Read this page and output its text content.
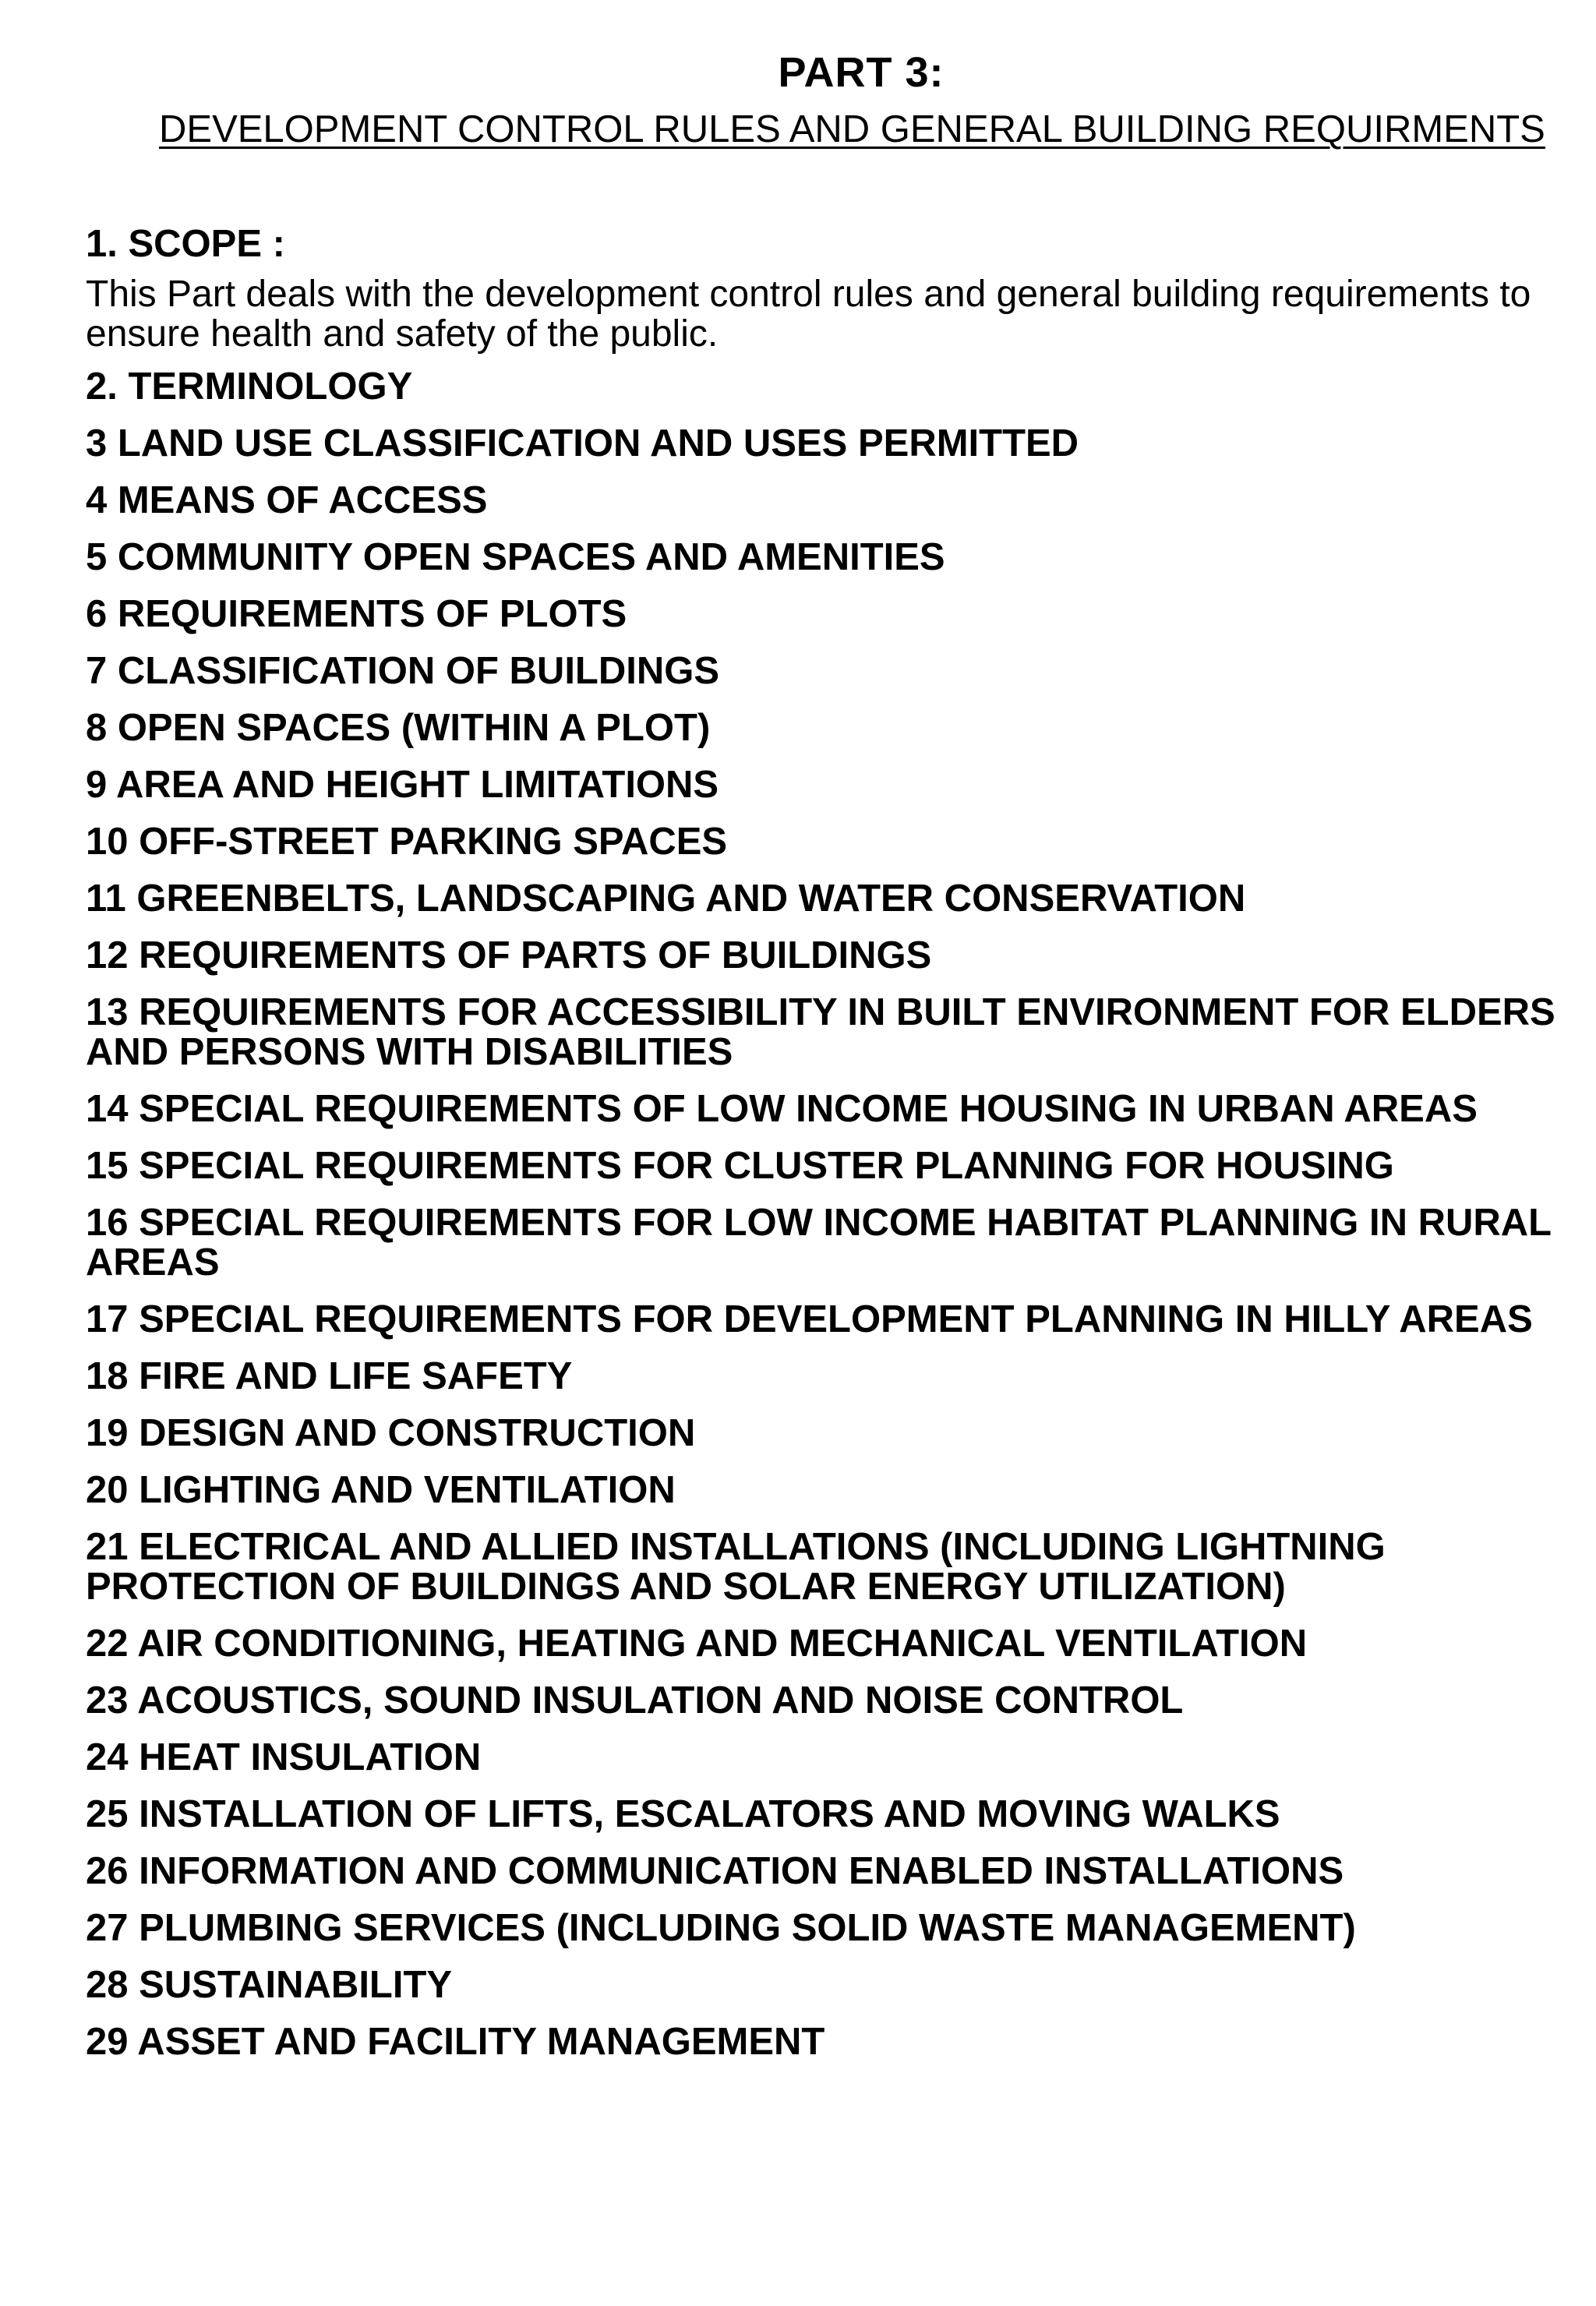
PART 3:
DEVELOPMENT CONTROL RULES AND GENERAL BUILDING REQUIRMENTS

1. SCOPE :

This Part deals with the development control rules and general building requirements to ensure health and safety of the public.

2. TERMINOLOGY
3 LAND USE CLASSIFICATION AND USES PERMITTED
4 MEANS OF ACCESS
5 COMMUNITY OPEN SPACES AND AMENITIES
6 REQUIREMENTS OF PLOTS
7 CLASSIFICATION OF BUILDINGS
8 OPEN SPACES (WITHIN A PLOT)
9 AREA AND HEIGHT LIMITATIONS
10 OFF-STREET PARKING SPACES
11 GREENBELTS, LANDSCAPING AND WATER CONSERVATION
12 REQUIREMENTS OF PARTS OF BUILDINGS
13 REQUIREMENTS FOR ACCESSIBILITY IN BUILT ENVIRONMENT FOR ELDERS AND PERSONS WITH DISABILITIES
14 SPECIAL REQUIREMENTS OF LOW INCOME HOUSING IN URBAN AREAS
15 SPECIAL REQUIREMENTS FOR CLUSTER PLANNING FOR HOUSING
16 SPECIAL REQUIREMENTS FOR LOW INCOME HABITAT PLANNING IN RURAL AREAS
17 SPECIAL REQUIREMENTS FOR DEVELOPMENT PLANNING IN HILLY AREAS
18 FIRE AND LIFE SAFETY
19 DESIGN AND CONSTRUCTION
20 LIGHTING AND VENTILATION
21 ELECTRICAL AND ALLIED INSTALLATIONS (INCLUDING LIGHTNING PROTECTION OF BUILDINGS AND SOLAR ENERGY UTILIZATION)
22 AIR CONDITIONING, HEATING AND MECHANICAL VENTILATION
23 ACOUSTICS, SOUND INSULATION AND NOISE CONTROL
24 HEAT INSULATION
25 INSTALLATION OF LIFTS, ESCALATORS AND MOVING WALKS
26 INFORMATION AND COMMUNICATION ENABLED INSTALLATIONS
27 PLUMBING SERVICES (INCLUDING SOLID WASTE MANAGEMENT)
28 SUSTAINABILITY
29 ASSET AND FACILITY MANAGEMENT
